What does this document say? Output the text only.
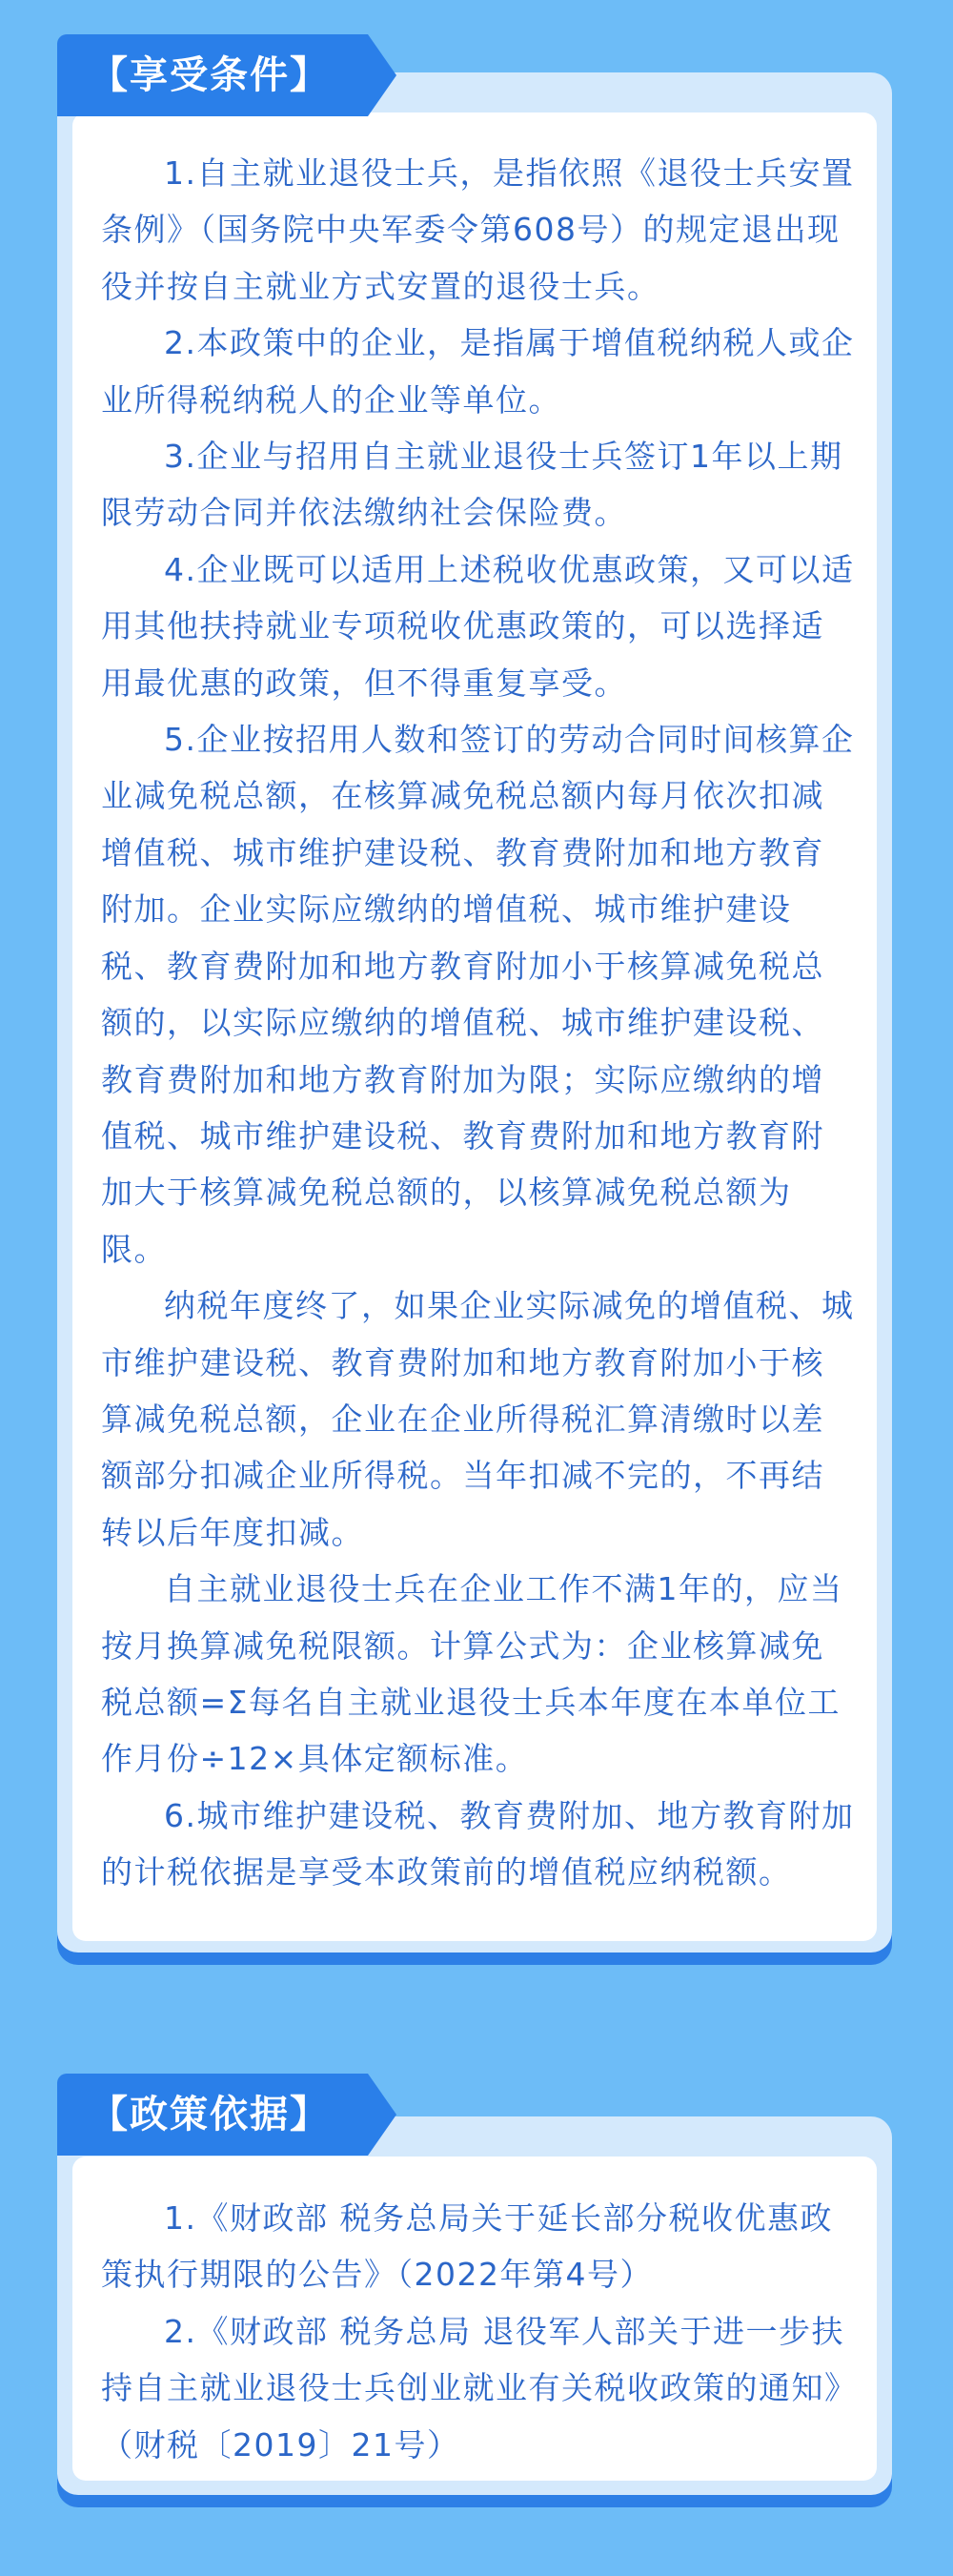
【享受条件】

1.自主就业退役士兵，是指依照《退役士兵安置条例》（国务院中央军委令第608号）的规定退出现役并按自主就业方式安置的退役士兵。

2.本政策中的企业，是指属于增值税纳税人或企业所得税纳税人的企业等单位。

3.企业与招用自主就业退役士兵签订1年以上期限劳动合同并依法缴纳社会保险费。

4.企业既可以适用上述税收优惠政策，又可以适用其他扶持就业专项税收优惠政策的，可以选择适用最优惠的政策，但不得重复享受。

5.企业按招用人数和签订的劳动合同时间核算企业减免税总额，在核算减免税总额内每月依次扣减增值税、城市维护建设税、教育费附加和地方教育附加。企业实际应缴纳的增值税、城市维护建设税、教育费附加和地方教育附加小于核算减免税总额的，以实际应缴纳的增值税、城市维护建设税、教育费附加和地方教育附加为限；实际应缴纳的增值税、城市维护建设税、教育费附加和地方教育附加大于核算减免税总额的，以核算减免税总额为限。

纳税年度终了，如果企业实际减免的增值税、城市维护建设税、教育费附加和地方教育附加小于核算减免税总额，企业在企业所得税汇算清缴时以差额部分扣减企业所得税。当年扣减不完的，不再结转以后年度扣减。

自主就业退役士兵在企业工作不满1年的，应当按月换算减免税限额。计算公式为：企业核算减免税总额=Σ每名自主就业退役士兵本年度在本单位工作月份÷12×具体定额标准。

6.城市维护建设税、教育费附加、地方教育附加的计税依据是享受本政策前的增值税应纳税额。

【政策依据】

1.《财政部 税务总局关于延长部分税收优惠政策执行期限的公告》（2022年第4号）

2.《财政部 税务总局 退役军人部关于进一步扶持自主就业退役士兵创业就业有关税收政策的通知》（财税〔2019〕21号）
